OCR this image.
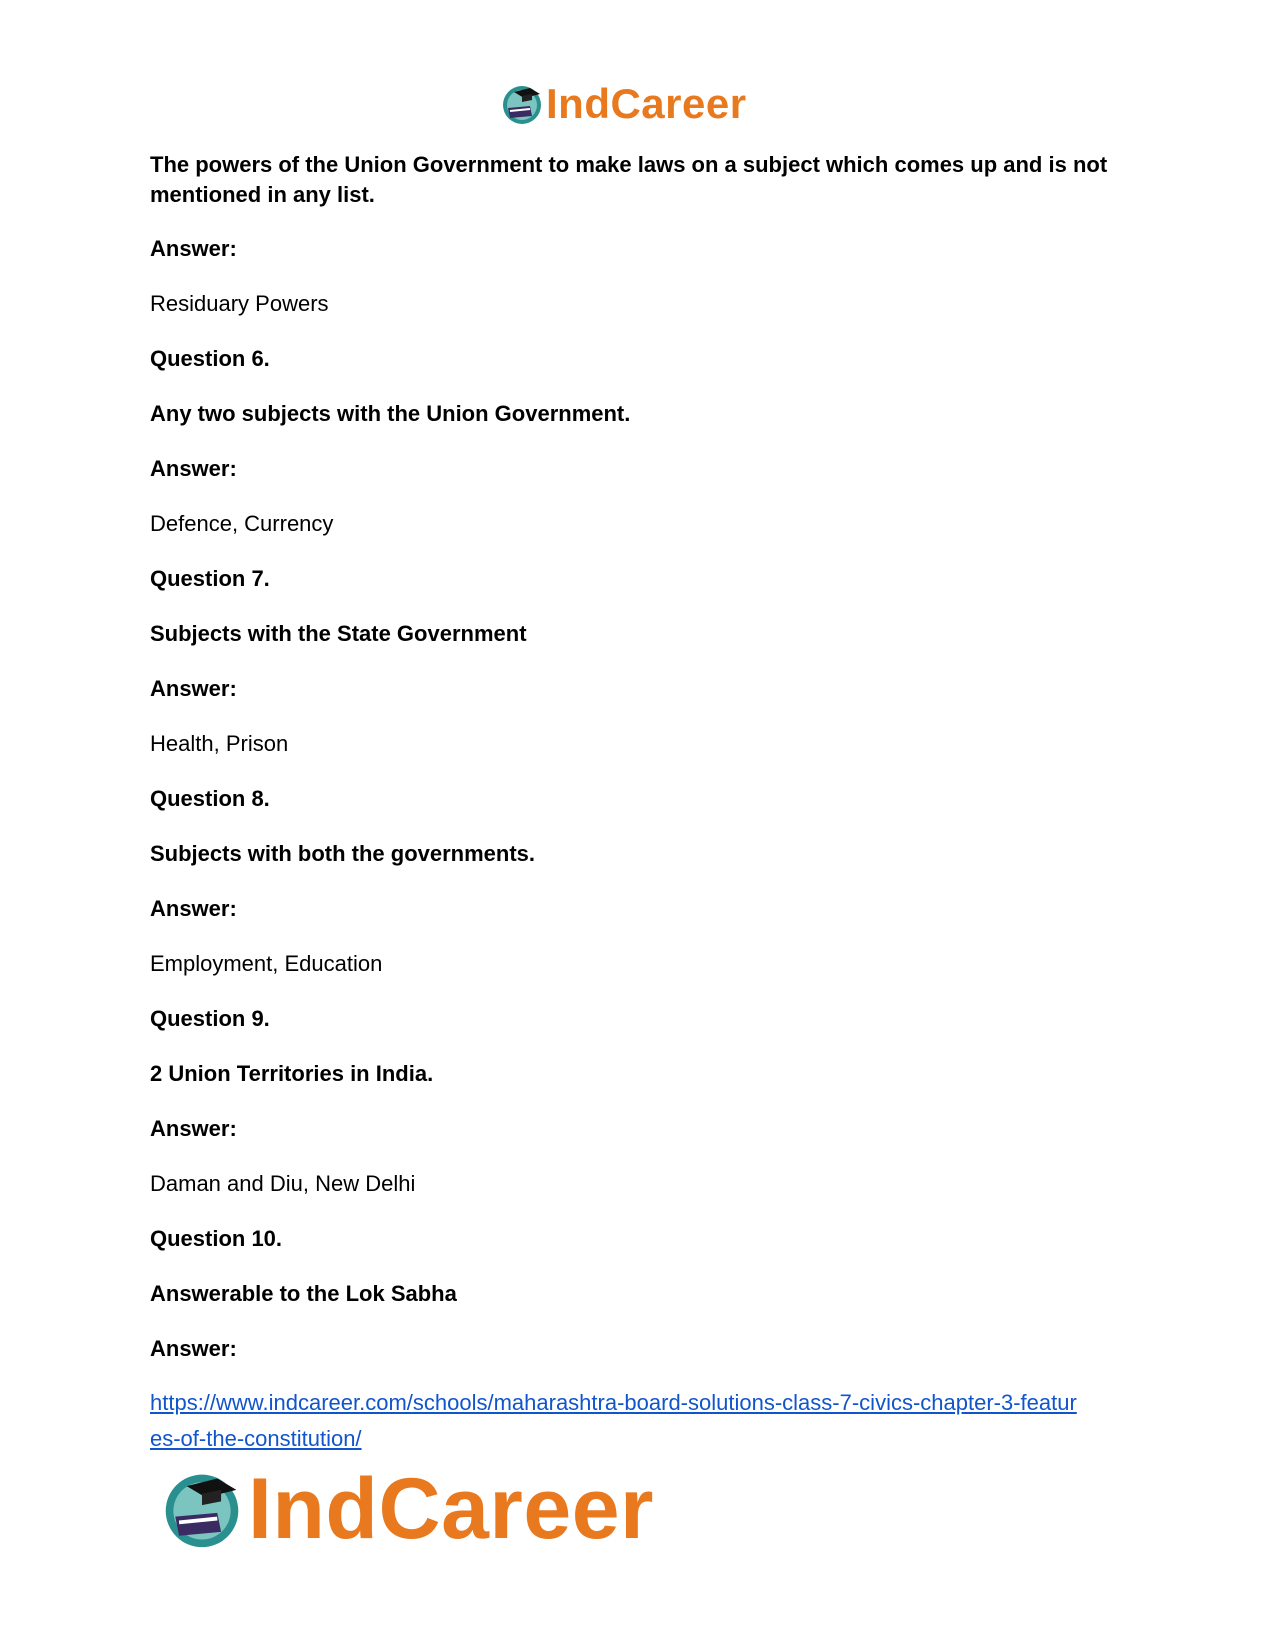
IndCareer

The powers of the Union Government to make laws on a subject which comes up and is not mentioned in any list.

Answer:

Residuary Powers

Question 6.

Any two subjects with the Union Government.

Answer:

Defence, Currency

Question 7.

Subjects with the State Government

Answer:

Health, Prison

Question 8.

Subjects with both the governments.

Answer:

Employment, Education

Question 9.

2 Union Territories in India.

Answer:

Daman and Diu, New Delhi

Question 10.

Answerable to the Lok Sabha

Answer:

https://www.indcareer.com/schools/maharashtra-board-solutions-class-7-civics-chapter-3-featur
es-of-the-constitution/
IndCareer
